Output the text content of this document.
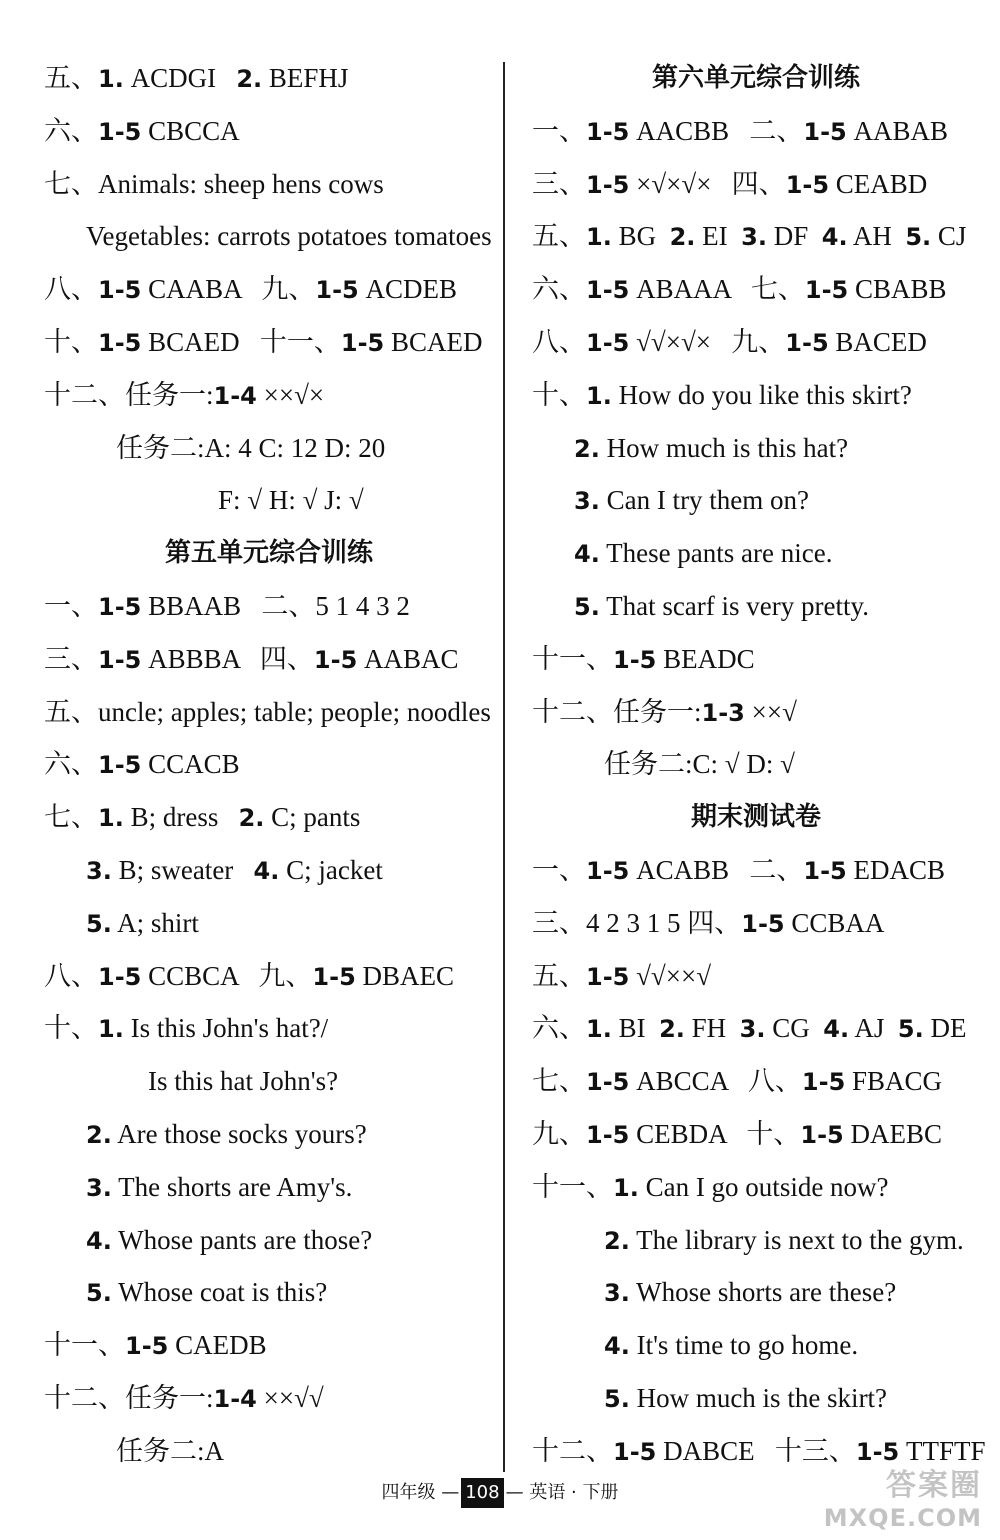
五、1. ACDGI   2. BEFHJ
六、1-5 CBCCA
七、Animals: sheep hens cows
Vegetables: carrots potatoes tomatoes
八、1-5 CAABA   九、1-5 ACDEB
十、1-5 BCAED   十一、1-5 BCAED
十二、任务一:1-4 ××√×
任务二:A: 4 C: 12 D: 20
F: √ H: √ J: √
第五单元综合训练
一、1-5 BBAAB   二、5 1 4 3 2
三、1-5 ABBBA   四、1-5 AABAC
五、uncle; apples; table; people; noodles
六、1-5 CCACB
七、1. B; dress   2. C; pants
3. B; sweater   4. C; jacket
5. A; shirt
八、1-5 CCBCA   九、1-5 DBAEC
十、1. Is this John's hat?/
Is this hat John's?
2. Are those socks yours?
3. The shorts are Amy's.
4. Whose pants are those?
5. Whose coat is this?
十一、1-5 CAEDB
十二、任务一:1-4 ××√√
任务二:A
第六单元综合训练
一、1-5 AACBB   二、1-5 AABAB
三、1-5 ×√×√×   四、1-5 CEABD
五、1. BG  2. EI  3. DF  4. AH  5. CJ
六、1-5 ABAAA   七、1-5 CBABB
八、1-5 √√×√×   九、1-5 BACED
十、1. How do you like this skirt?
2. How much is this hat?
3. Can I try them on?
4. These pants are nice.
5. That scarf is very pretty.
十一、1-5 BEADC
十二、任务一:1-3 ××√
任务二:C: √ D: √
期末测试卷
一、1-5 ACABB   二、1-5 EDACB
三、4 2 3 1 5 四、1-5 CCBAA
五、1-5 √√××√
六、1. BI  2. FH  3. CG  4. AJ  5. DE
七、1-5 ABCCA   八、1-5 FBACG
九、1-5 CEBDA   十、1-5 DAEBC
十一、1. Can I go outside now?
2. The library is next to the gym.
3. Whose shorts are these?
4. It's time to go home.
5. How much is the skirt?
十二、1-5 DABCE   十三、1-5 TTFTF
四年级 — 108 — 英语 · 下册	答案圈
MXQE.COM
